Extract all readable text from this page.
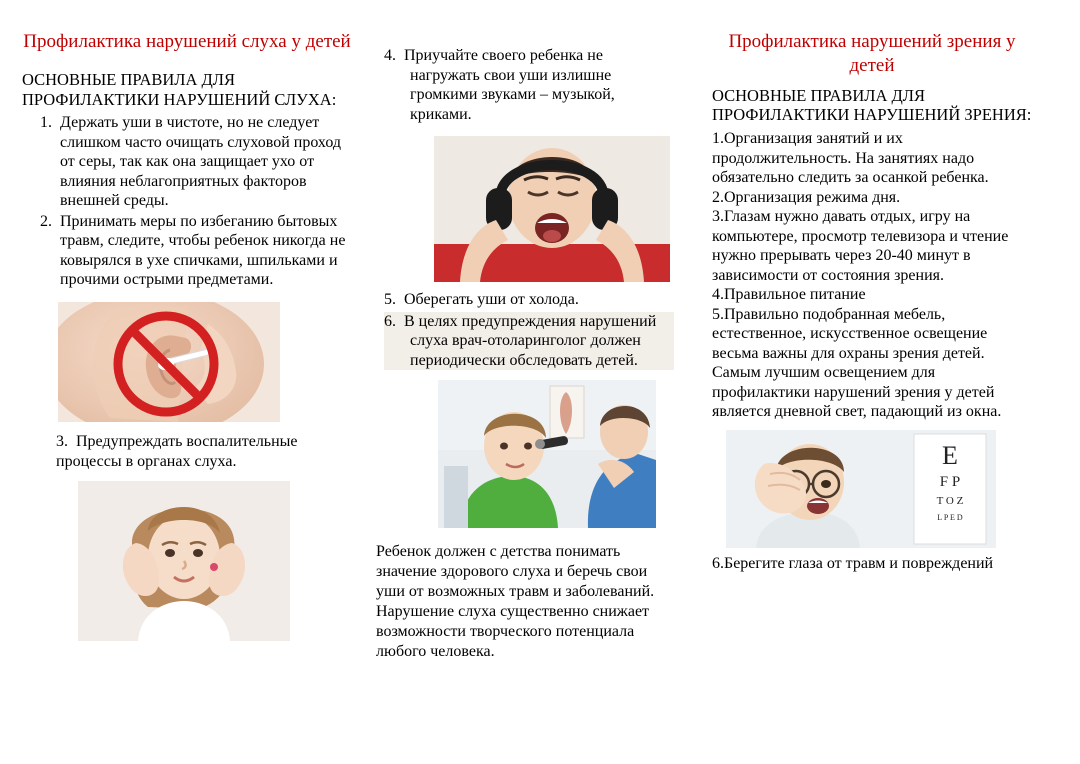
Профилактика нарушений слуха у детей
ОСНОВНЫЕ ПРАВИЛА ДЛЯ ПРОФИЛАКТИКИ НАРУШЕНИЙ СЛУХА:
1. Держать уши в чистоте, но не следует слишком часто очищать слуховой проход от серы, так как она защищает ухо от влияния неблагоприятных факторов внешней среды.
2. Принимать меры по избеганию бытовых травм, следите, чтобы ребенок никогда не ковырялся в ухе спичками, шпильками и прочими острыми предметами.
3.  Предупреждать воспалительные процессы в органах слуха.
4.  Приучайте своего ребенка не нагружать свои уши излишне громкими звуками – музыкой, криками.
5.  Оберегать уши от холода.
6.  В целях предупреждения нарушений слуха врач-отоларинголог должен периодически обследовать детей.
Ребенок должен с детства понимать значение здорового слуха и беречь свои уши от возможных травм и заболеваний. Нарушение слуха существенно снижает возможности творческого потенциала любого человека.
Профилактика нарушений зрения у детей
ОСНОВНЫЕ ПРАВИЛА ДЛЯ ПРОФИЛАКТИКИ НАРУШЕНИЙ ЗРЕНИЯ:
1.Организация занятий и их продолжительность. На занятиях надо обязательно следить за осанкой ребенка.
2.Организация режима дня.
3.Глазам нужно давать отдых, игру на компьютере, просмотр телевизора и чтение нужно прерывать через 20-40 минут в зависимости от состояния зрения.
4.Правильное питание
5.Правильно подобранная мебель, естественное, искусственное освещение весьма важны для охраны зрения детей. Самым лучшим освещением для профилактики нарушений зрения у детей является дневной свет, падающий из окна.
E
F P
T O Z
L P E D
6.Берегите глаза от травм и повреждений
